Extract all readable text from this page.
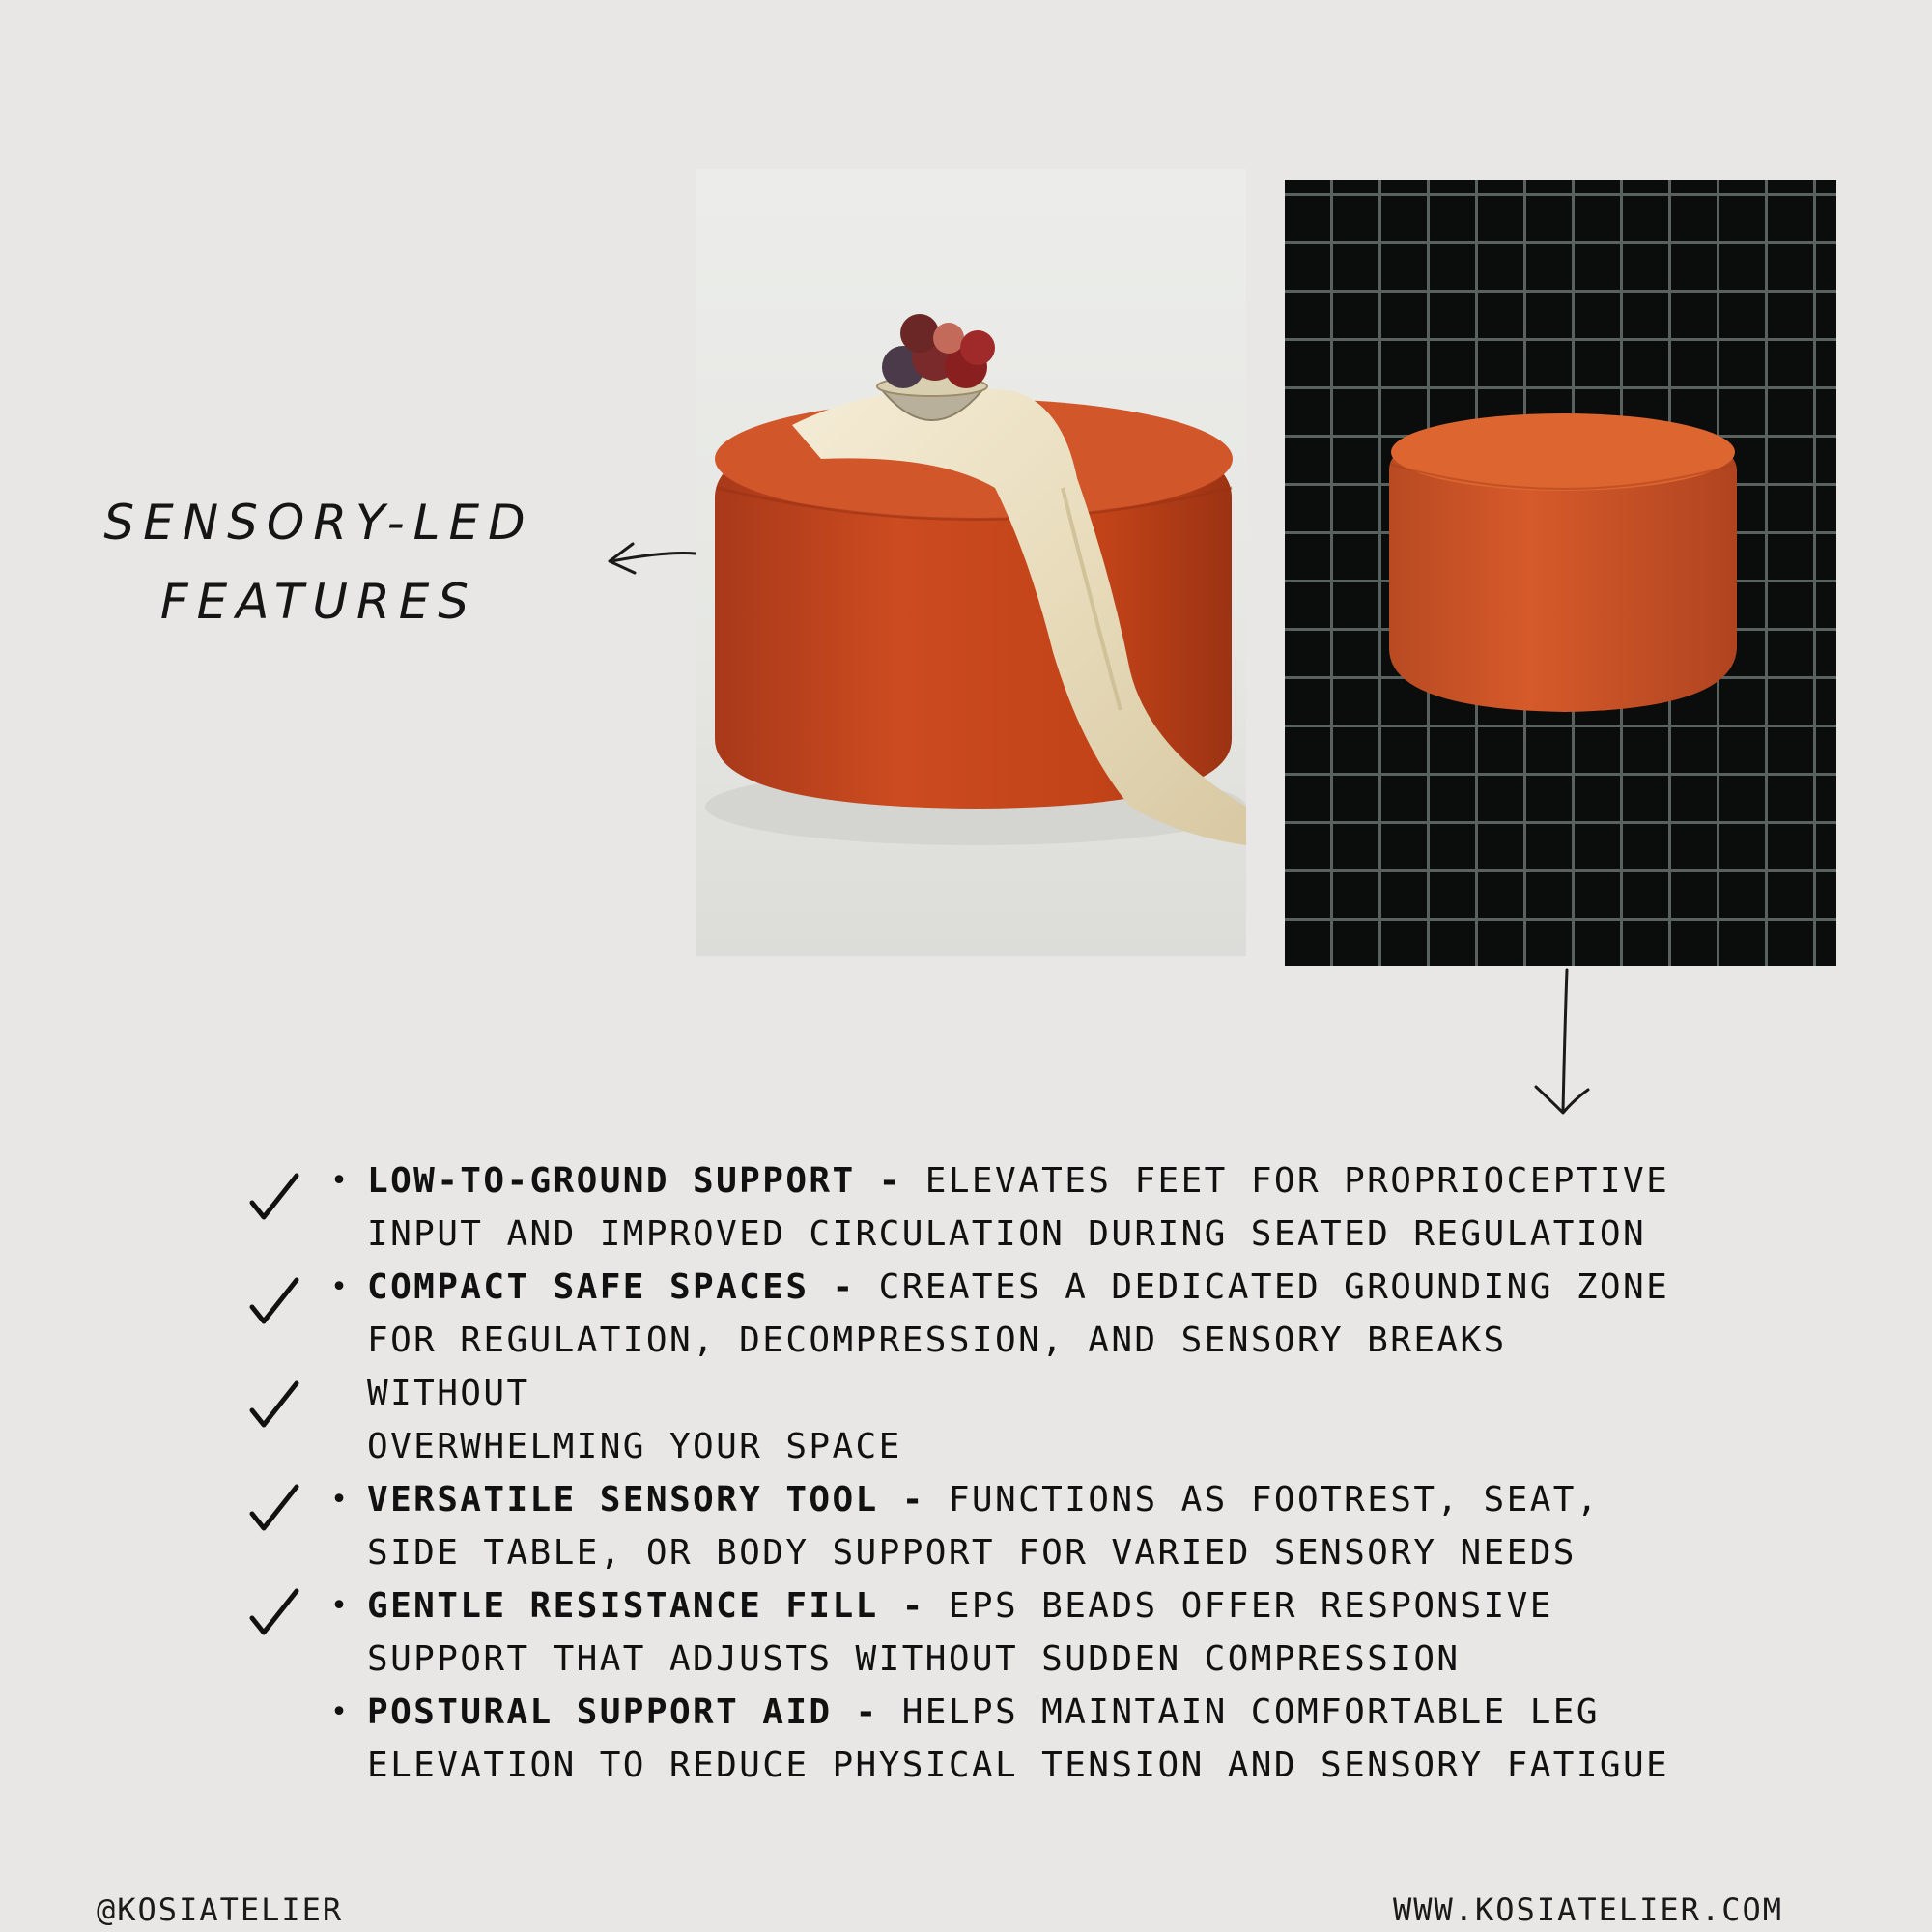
SENSORY-LED
FEATURES
• LOW-TO-GROUND SUPPORT - ELEVATES FEET FOR PROPRIOCEPTIVE

INPUT AND IMPROVED CIRCULATION DURING SEATED REGULATION

• COMPACT SAFE SPACES - CREATES A DEDICATED GROUNDING ZONE

FOR REGULATION, DECOMPRESSION, AND SENSORY BREAKS WITHOUT

OVERWHELMING YOUR SPACE

• VERSATILE SENSORY TOOL - FUNCTIONS AS FOOTREST, SEAT,

SIDE TABLE, OR BODY SUPPORT FOR VARIED SENSORY NEEDS

• GENTLE RESISTANCE FILL - EPS BEADS OFFER RESPONSIVE

SUPPORT THAT ADJUSTS WITHOUT SUDDEN COMPRESSION

• POSTURAL SUPPORT AID - HELPS MAINTAIN COMFORTABLE LEG

ELEVATION TO REDUCE PHYSICAL TENSION AND SENSORY FATIGUE

@KOSIATELIER	WWW.KOSIATELIER.COM
